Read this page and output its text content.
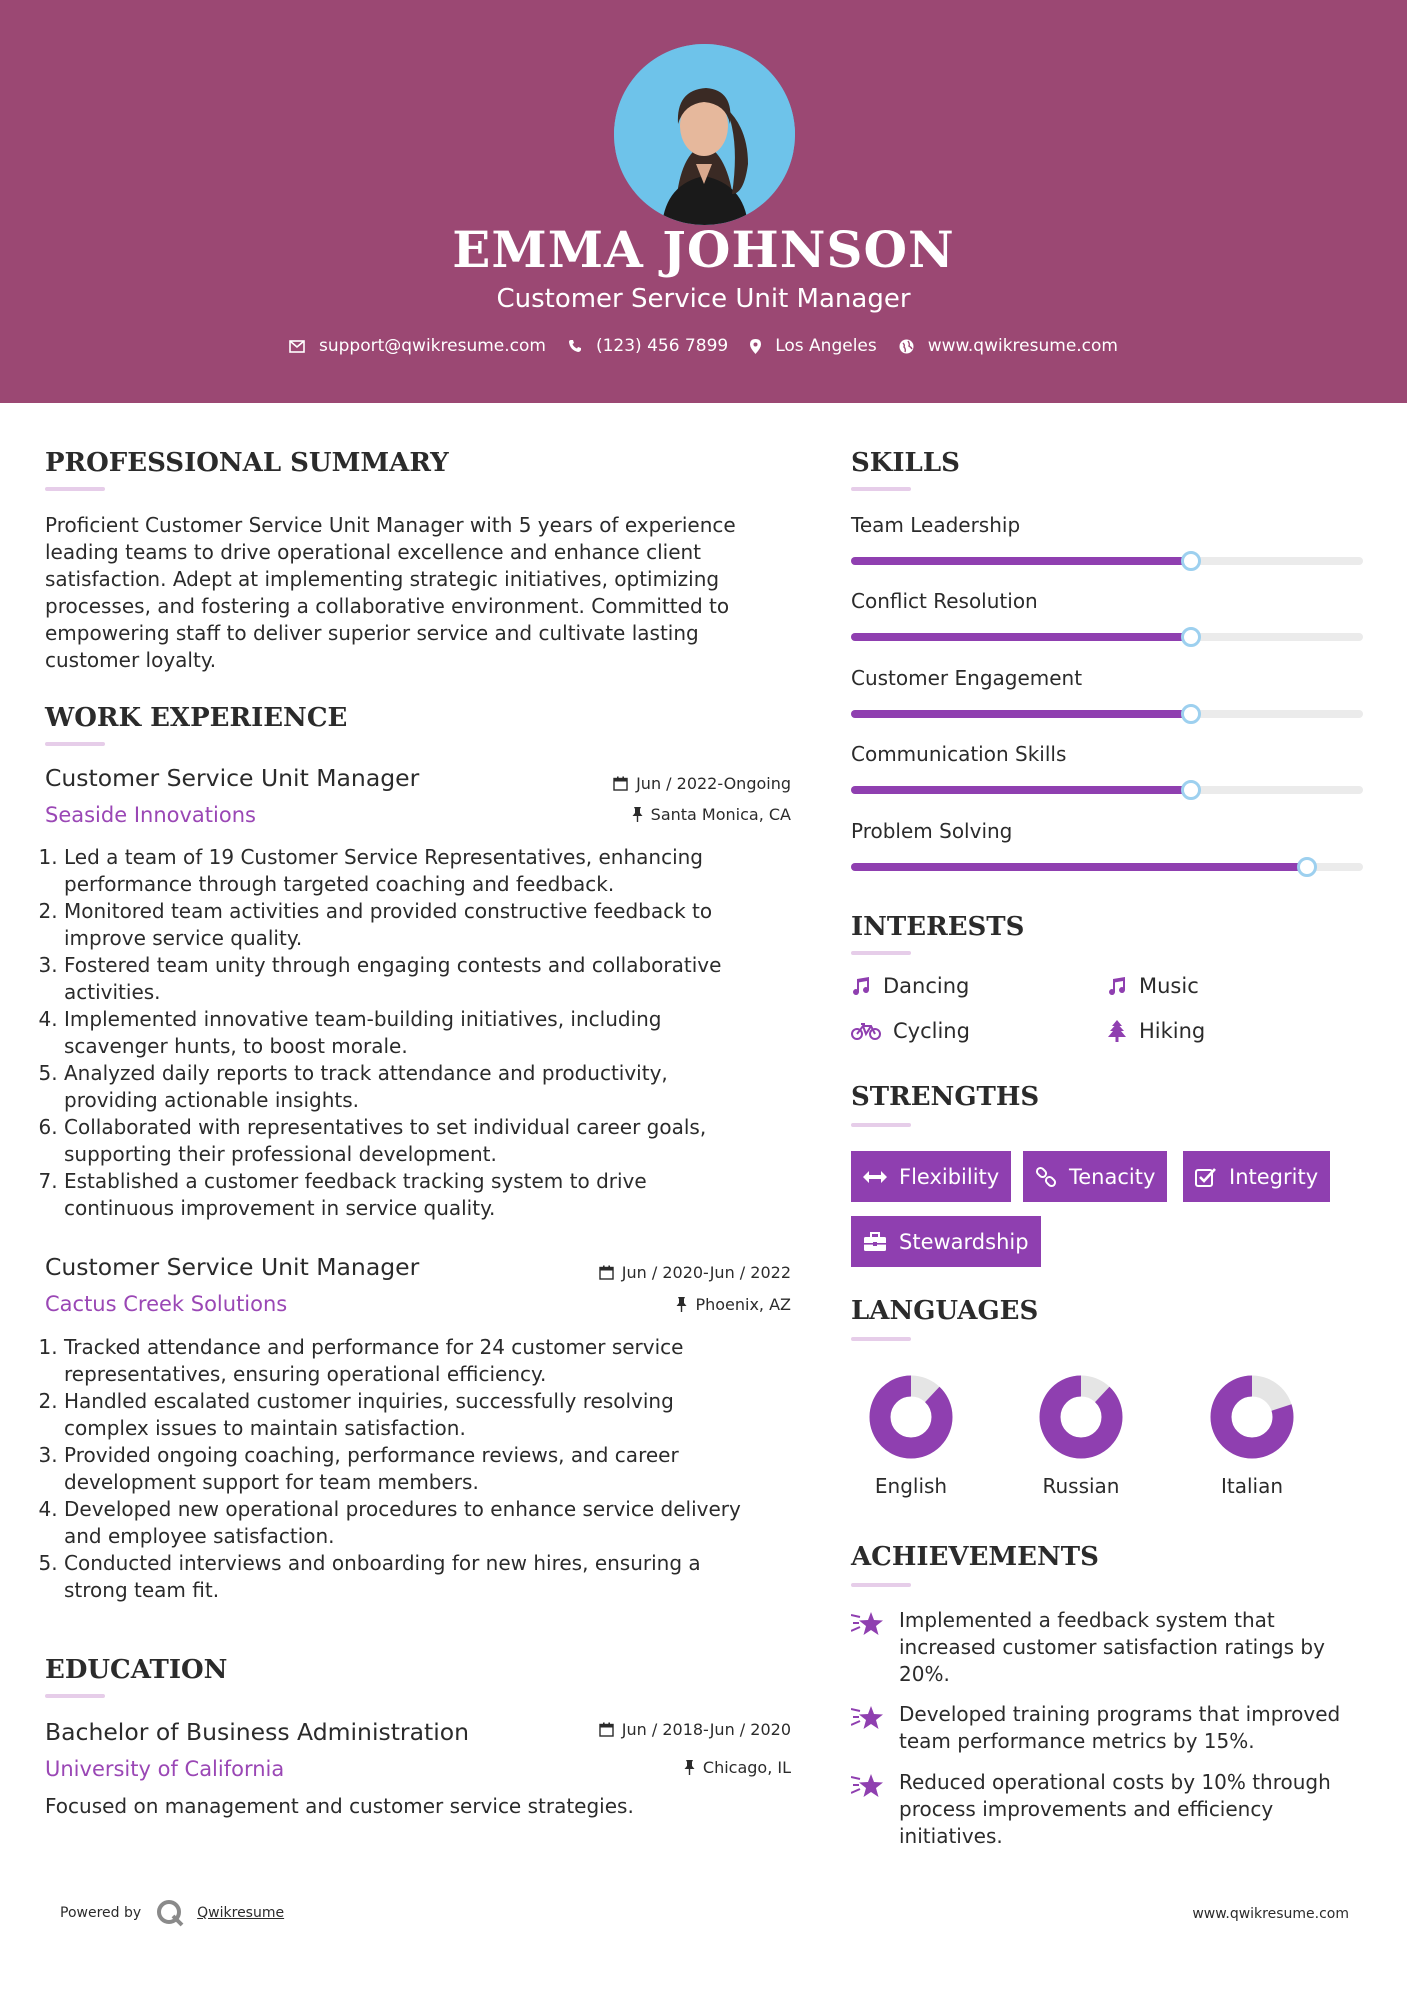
EMMA JOHNSON
Customer Service Unit Manager
support@qwikresume.com	(123) 456 7899	Los Angeles	www.qwikresume.com
PROFESSIONAL SUMMARY
Proficient Customer Service Unit Manager with 5 years of experience
leading teams to drive operational excellence and enhance client
satisfaction. Adept at implementing strategic initiatives, optimizing
processes, and fostering a collaborative environment. Committed to
empowering staff to deliver superior service and cultivate lasting
customer loyalty.
WORK EXPERIENCE
Customer Service Unit Manager	Jun / 2022-Ongoing
Seaside Innovations	Santa Monica, CA
1. Led a team of 19 Customer Service Representatives, enhancing
performance through targeted coaching and feedback.
2. Monitored team activities and provided constructive feedback to
improve service quality.
3. Fostered team unity through engaging contests and collaborative
activities.
4. Implemented innovative team-building initiatives, including
scavenger hunts, to boost morale.
5. Analyzed daily reports to track attendance and productivity,
providing actionable insights.
6. Collaborated with representatives to set individual career goals,
supporting their professional development.
7. Established a customer feedback tracking system to drive
continuous improvement in service quality.
Customer Service Unit Manager	Jun / 2020-Jun / 2022
Cactus Creek Solutions	Phoenix, AZ
1. Tracked attendance and performance for 24 customer service
representatives, ensuring operational efficiency.
2. Handled escalated customer inquiries, successfully resolving
complex issues to maintain satisfaction.
3. Provided ongoing coaching, performance reviews, and career
development support for team members.
4. Developed new operational procedures to enhance service delivery
and employee satisfaction.
5. Conducted interviews and onboarding for new hires, ensuring a
strong team fit.
EDUCATION
Bachelor of Business Administration	Jun / 2018-Jun / 2020
University of California	Chicago, IL
Focused on management and customer service strategies.
SKILLS
Team Leadership
Conflict Resolution
Customer Engagement
Communication Skills
Problem Solving
INTERESTS
Dancing	Music
Cycling	Hiking
STRENGTHS
Flexibility	Tenacity	Integrity
Stewardship
LANGUAGES
English	Russian	Italian
ACHIEVEMENTS
Implemented a feedback system that
increased customer satisfaction ratings by
20%.
Developed training programs that improved
team performance metrics by 15%.
Reduced operational costs by 10% through
process improvements and efficiency
initiatives.
Powered by	Qwikresume	www.qwikresume.com
